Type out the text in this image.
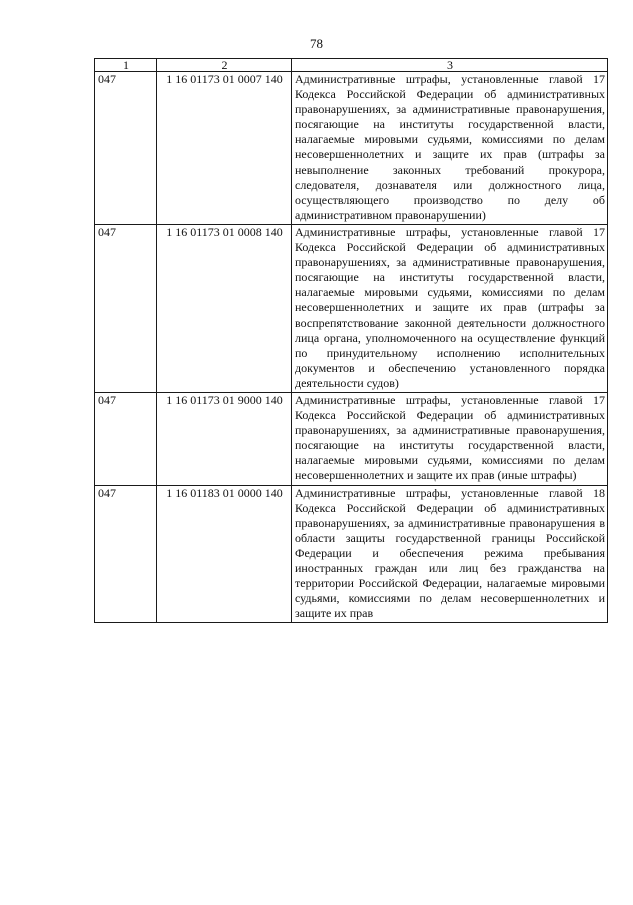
78
1	2	3
047	1 16 01173 01 0007 140	Административные штрафы, установленные главой 17 Кодекса Российской Федерации об административных правонарушениях, за административные правонарушения, посягающие на институты государственной власти, налагаемые мировыми судьями, комиссиями по делам несовершеннолетних и защите их прав (штрафы за невыполнение законных требований прокурора, следователя, дознавателя или должностного лица, осуществляющего производство по делу об административном правонарушении)
047	1 16 01173 01 0008 140	Административные штрафы, установленные главой 17 Кодекса Российской Федерации об административных правонарушениях, за административные правонарушения, посягающие на институты государственной власти, налагаемые мировыми судьями, комиссиями по делам несовершеннолетних и защите их прав (штрафы за воспрепятствование законной деятельности должностного лица органа, уполномоченного на осуществление функций по принудительному исполнению исполнительных документов и обеспечению установленного порядка деятельности судов)
047	1 16 01173 01 9000 140	Административные штрафы, установленные главой 17 Кодекса Российской Федерации об административных правонарушениях, за административные правонарушения, посягающие на институты государственной власти, налагаемые мировыми судьями, комиссиями по делам несовершеннолетних и защите их прав (иные штрафы)
047	1 16 01183 01 0000 140	Административные штрафы, установленные главой 18 Кодекса Российской Федерации об административных правонарушениях, за административные правонарушения в области защиты государственной границы Российской Федерации и обеспечения режима пребывания иностранных граждан или лиц без гражданства на территории Российской Федерации, налагаемые мировыми судьями, комиссиями по делам несовершеннолетних и защите их прав
